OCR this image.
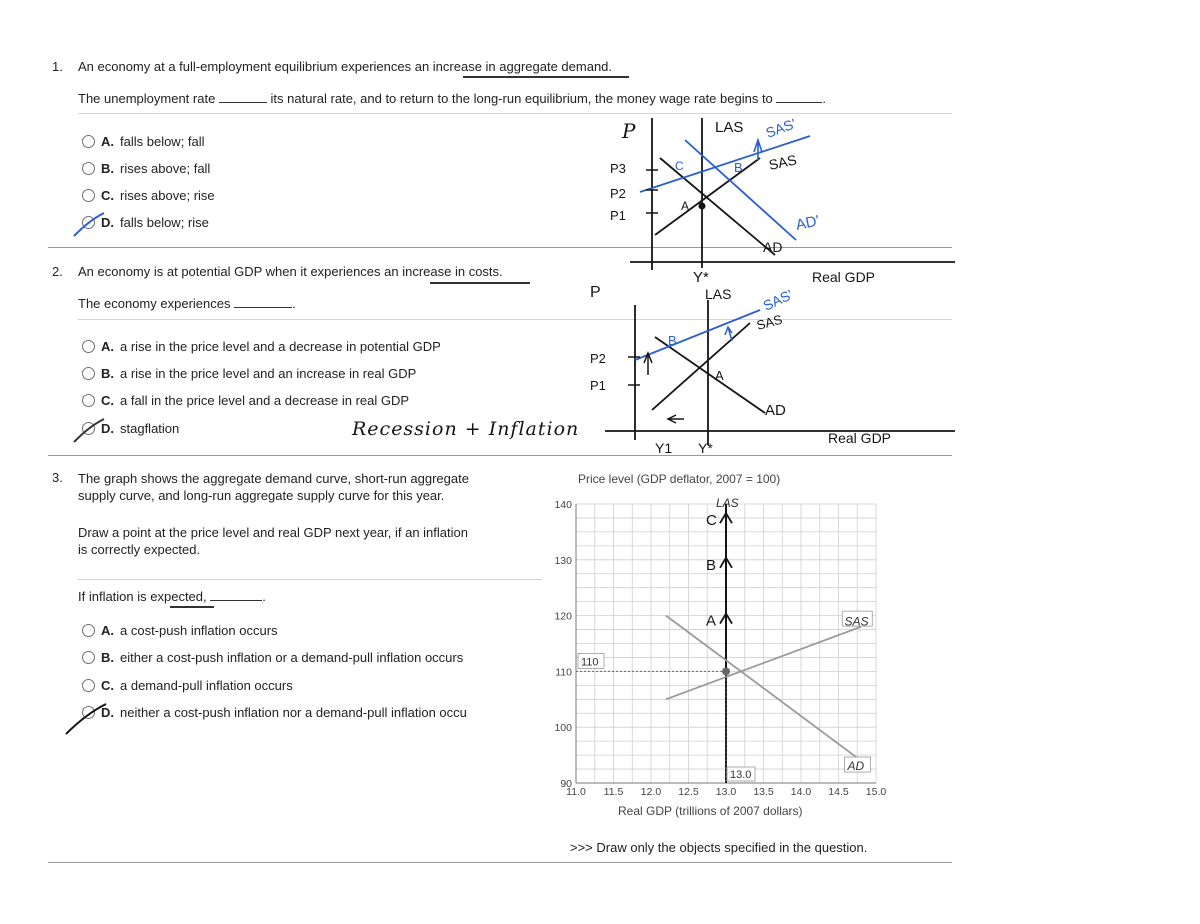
1. An economy at a full-employment equilibrium experiences an increase in aggregate demand.
The unemployment rate	its natural rate, and to return to the long-run equilibrium, the money wage rate begins to	.
A. falls below; fall
B. rises above; fall
C. rises above; rise
D. falls below; rise
2. An economy is at potential GDP when it experiences an increase in costs.
The economy experiences	.
A. a rise in the price level and a decrease in potential GDP
B. a rise in the price level and an increase in real GDP
C. a fall in the price level and a decrease in real GDP
D. stagflation	Recession + Inflation
P
P3
P2
P1
LAS SAS'
SAS
AD'
AD
A
B
C
Y*	Real GDP
P
P2
P1
LAS SAS'
SAS
AD
A
B
Y1 Y*
Real GDP
3. The graph shows the aggregate demand curve, short-run aggregate
supply curve, and long-run aggregate supply curve for this year.
Draw a point at the price level and real GDP next year, if an inflation
is correctly expected.
If inflation is expected,	.
A. a cost-push inflation occurs
B. either a cost-push inflation or a demand-pull inflation occurs
C. a demand-pull inflation occurs
D. neither a cost-push inflation nor a demand-pull inflation occu
Price level (GDP deflator, 2007 = 100)
90
100
110
120
130
140
11.0 11.5 12.0 12.5 13.0 13.5 14.0 14.5 15.0
LAS
SAS
AD
110
13.0
A
B
C
Real GDP (trillions of 2007 dollars)
>>> Draw only the objects specified in the question.
